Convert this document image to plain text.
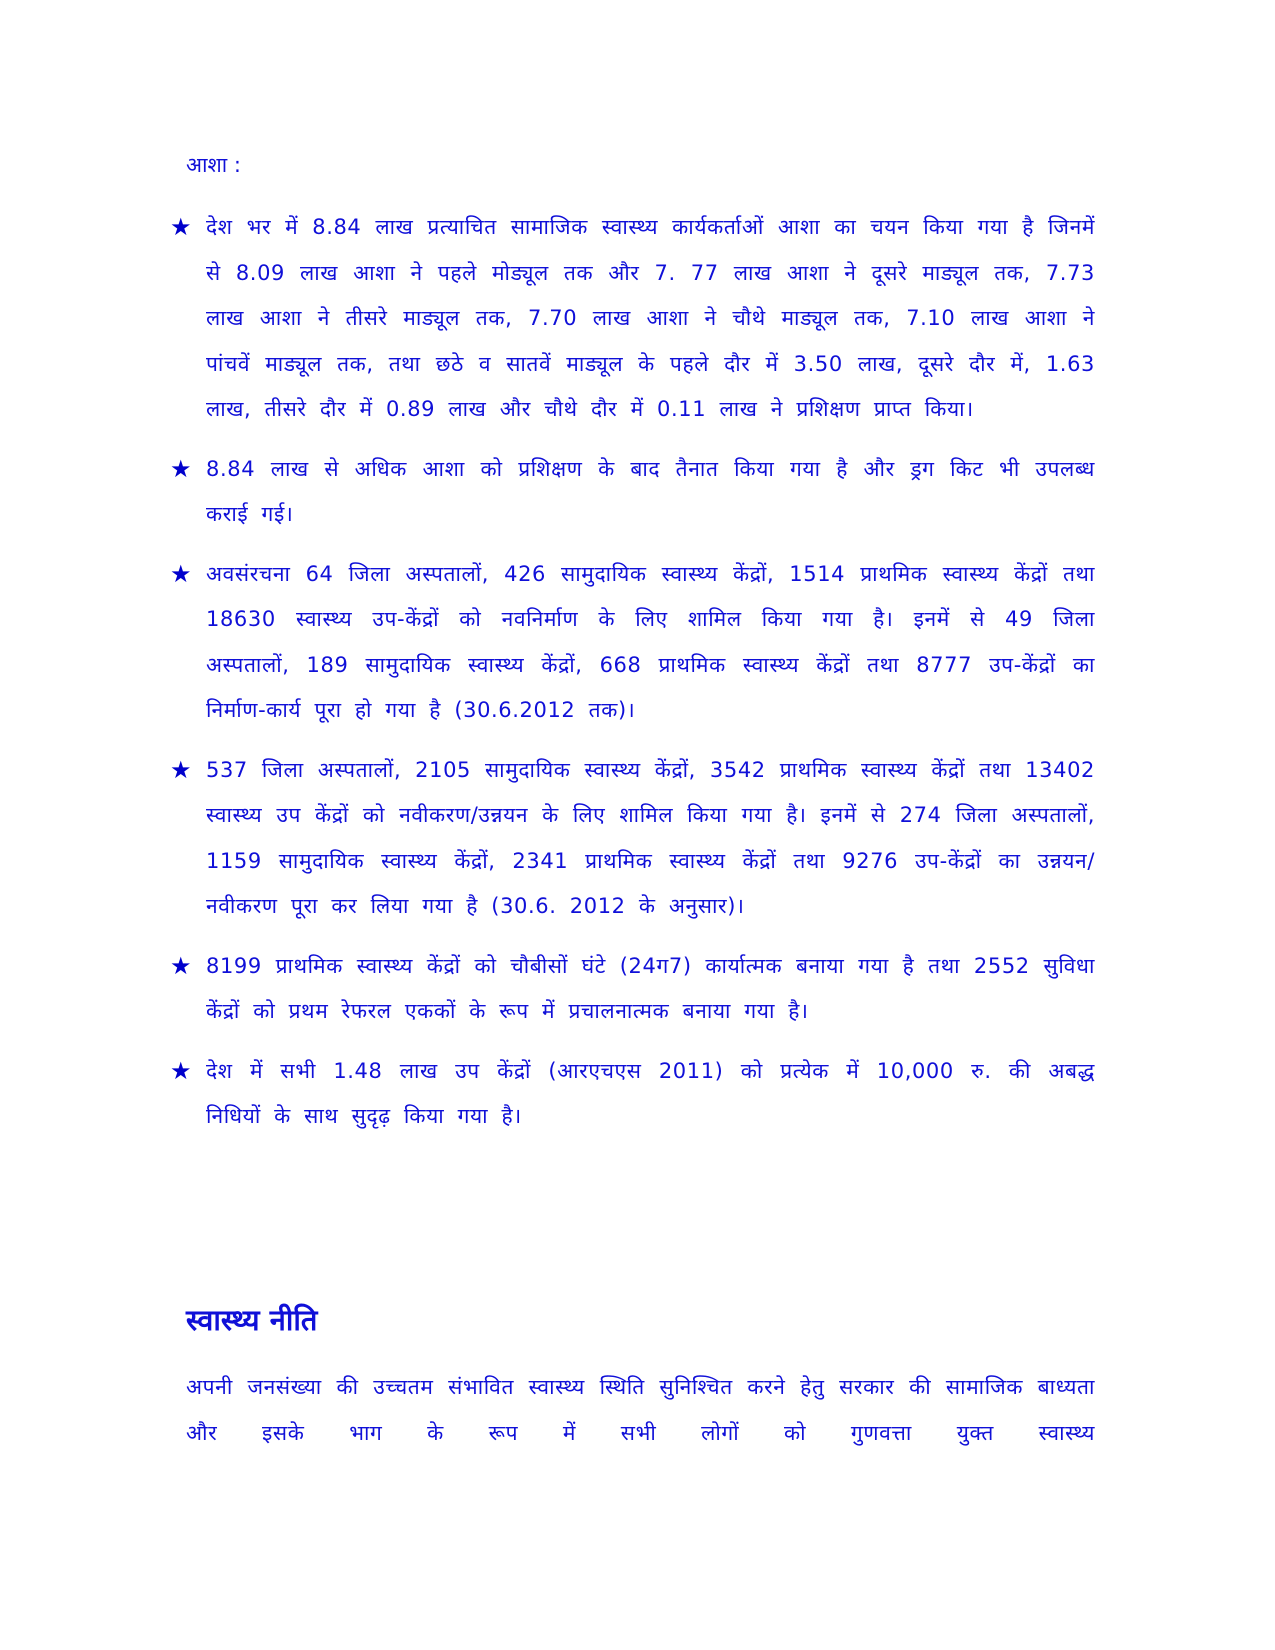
आशा :
★ देश भर में 8.84 लाख प्रत्याचित सामाजिक स्वास्थ्य कार्यकर्ताओं आशा का चयन किया गया है जिनमें से 8.09 लाख आशा ने पहले मोड्यूल तक और 7. 77 लाख आशा ने दूसरे माड्यूल तक, 7.73 लाख आशा ने तीसरे माड्यूल तक, 7.70 लाख आशा ने चौथे माड्यूल तक, 7.10 लाख आशा ने पांचवें माड्यूल तक, तथा छठे व सातवें माड्यूल के पहले दौर में 3.50 लाख, दूसरे दौर में, 1.63 लाख, तीसरे दौर में 0.89 लाख और चौथे दौर में 0.11 लाख ने प्रशिक्षण प्राप्त किया।
★ 8.84 लाख से अधिक आशा को प्रशिक्षण के बाद तैनात किया गया है और ड्रग किट भी उपलब्ध कराई गई।
★ अवसंरचना 64 जिला अस्पतालों, 426 सामुदायिक स्वास्थ्य केंद्रों, 1514 प्राथमिक स्वास्थ्य केंद्रों तथा 18630 स्वास्थ्य उप-केंद्रों को नवनिर्माण के लिए शामिल किया गया है। इनमें से 49 जिला अस्पतालों, 189 सामुदायिक स्वास्थ्य केंद्रों, 668 प्राथमिक स्वास्थ्य केंद्रों तथा 8777 उप-केंद्रों का निर्माण-कार्य पूरा हो गया है (30.6.2012 तक)।
★ 537 जिला अस्पतालों, 2105 सामुदायिक स्वास्थ्य केंद्रों, 3542 प्राथमिक स्वास्थ्य केंद्रों तथा 13402 स्वास्थ्य उप केंद्रों को नवीकरण/उन्नयन के लिए शामिल किया गया है। इनमें से 274 जिला अस्पतालों, 1159 सामुदायिक स्वास्थ्य केंद्रों, 2341 प्राथमिक स्वास्थ्य केंद्रों तथा 9276 उप-केंद्रों का उन्नयन/नवीकरण पूरा कर लिया गया है (30.6. 2012 के अनुसार)।
★ 8199 प्राथमिक स्वास्थ्य केंद्रों को चौबीसों घंटे (24ग7) कार्यात्मक बनाया गया है तथा 2552 सुविधा केंद्रों को प्रथम रेफरल एककों के रूप में प्रचालनात्मक बनाया गया है।
★ देश में सभी 1.48 लाख उप केंद्रों (आरएचएस 2011) को प्रत्येक में 10,000 रु. की अबद्ध निधियों के साथ सुदृढ़ किया गया है।
स्वास्थ्य नीति

अपनी जनसंख्या की उच्चतम संभावित स्वास्थ्य स्थिति सुनिश्चित करने हेतु सरकार की सामाजिक बाध्यता और इसके भाग के रूप में सभी लोगों को गुणवत्ता युक्त स्वास्थ्य
